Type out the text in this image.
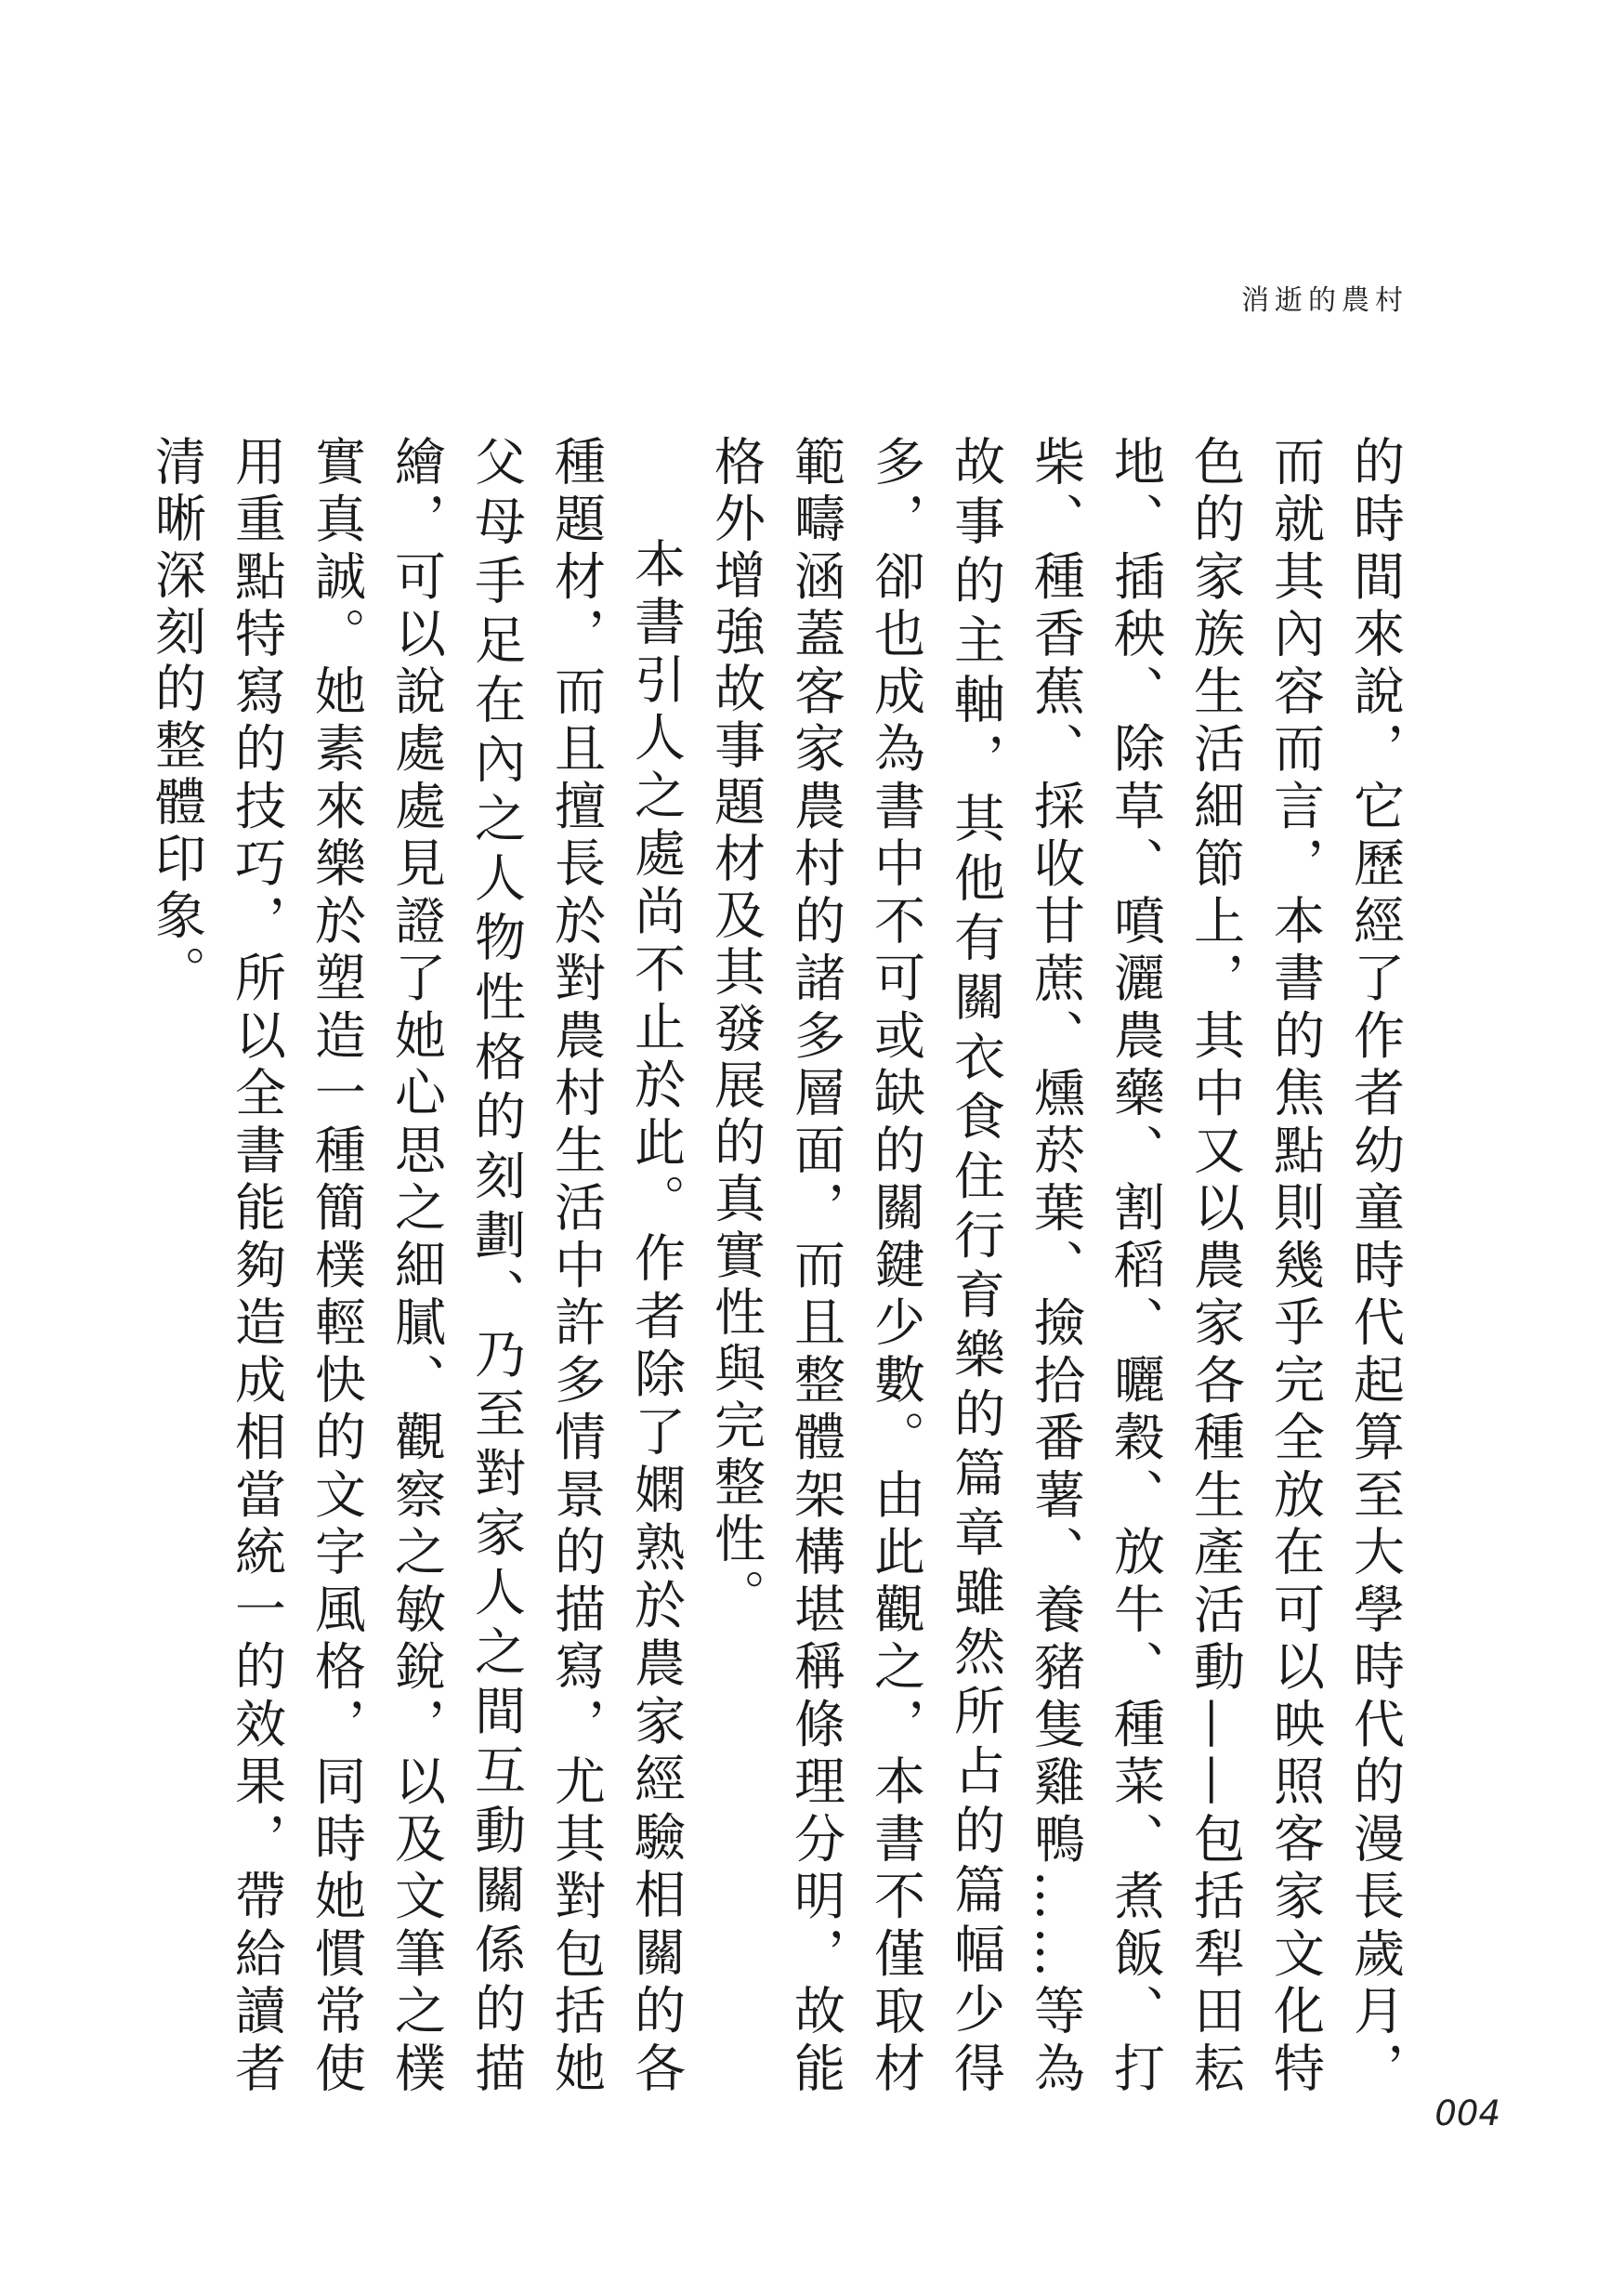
消逝的農村

的時間來說，它歷經了作者幼童時代起算至大學時代的漫長歲月，而就其內容而言，本書的焦點則幾乎完全放在可以映照客家文化特色的家族生活細節上，其中又以農家各種生產活動——包括犁田耘地、插秧、除草、噴灑農藥、割稻、曬穀、放牛、種菜、煮飯、打柴、種香蕉、採收甘蔗、燻菸葉、撿拾番薯、養豬隻雞鴨……等為故事的主軸，其他有關衣食住行育樂的篇章雖然所占的篇幅少得多，卻也成為書中不可或缺的關鍵少數。由此觀之，本書不僅取材範疇涵蓋客家農村的諸多層面，而且整體架構堪稱條理分明，故能格外增強故事題材及其發展的真實性與完整性。

本書引人之處尚不止於此。作者除了嫻熟於農家經驗相關的各種題材，而且擅長於對農村生活中許多情景的描寫，尤其對包括她父母手足在內之人物性格的刻劃、乃至對家人之間互動關係的描繪，可以說處處見證了她心思之細膩、觀察之敏銳，以及文筆之樸實真誠。她素來樂於塑造一種簡樸輕快的文字風格，同時她慣常使用重點特寫的技巧，所以全書能夠造成相當統一的效果，帶給讀者清晰深刻的整體印象。

004
